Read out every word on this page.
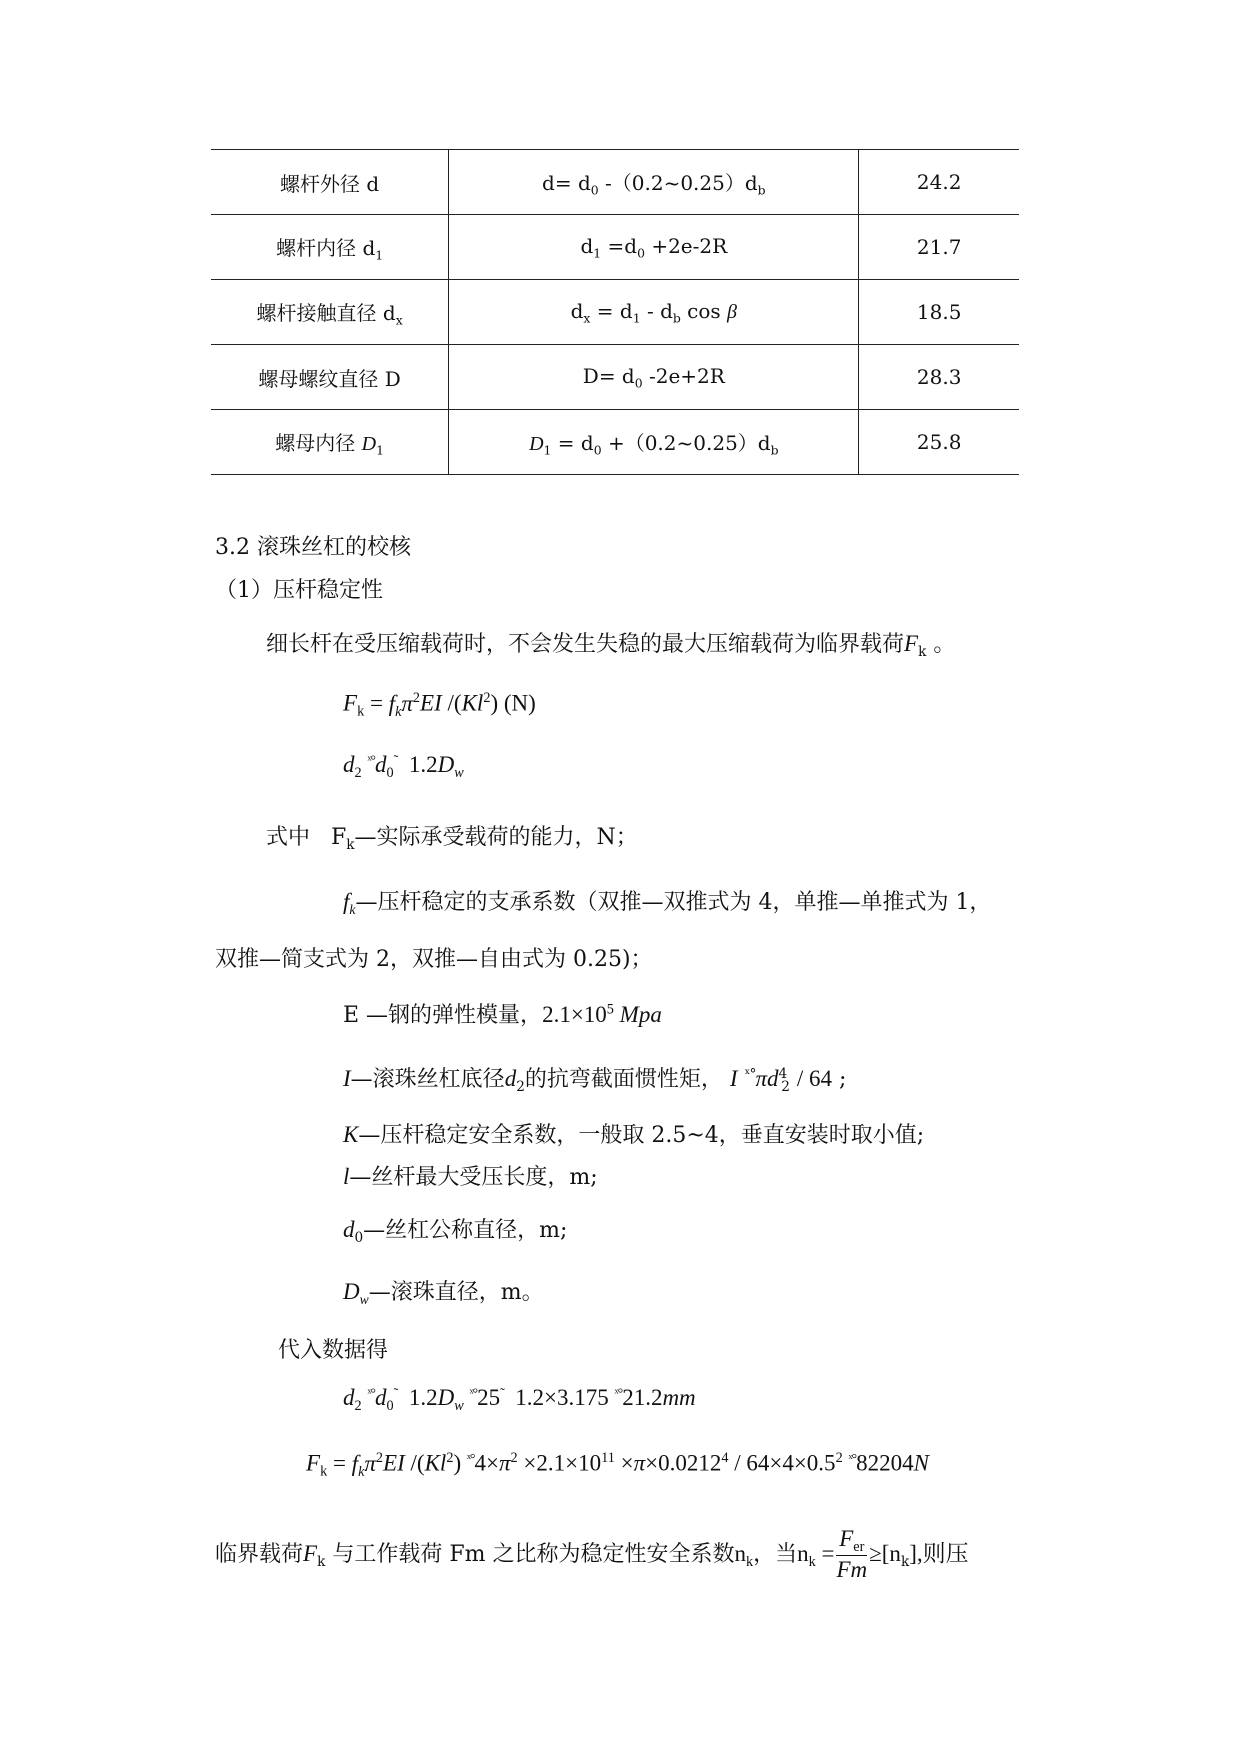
螺杆外径 d	$d= d_0$ $-(0.2\sim 0.25)d_b$	24.2
螺杆内径 $d_1$	$d_1 =d_0 +2e-2R$	21.7
螺杆接触直径 $d_x$	$d_x = d_1 - d_b$ cos β	18.5
螺母螺纹直径 D	$D= d_0$ -2e+2R	28.3
螺母内径 $D_1$	$D_1 = d_0$ $+(0.2\sim 0.25)d_b$	25.8
3.2 滚珠丝杠的校核
（1）压杆稳定性
细长杆在受压缩载荷时，不会发生失稳的最大压缩载荷为临界载荷$F_k$ 。
$F_k = f_k\pi^2EI$ /(Kl$^2$) (N)
$d_2$ $^{ˣ^\circ}d_0^˜$  $1.2D_w$
式中   $F_k—$实际承受载荷的能力，N；
$f_k—$压杆稳定的支承系数（双推—双推式为 4，单推—单推式为 1，
双推—简支式为 2，双推—自由式为 0.25)；
E —钢的弹性模量，$2.1\times 10^5$ Mpa
I—滚珠丝杠底径$d_2$的抗弯截面惯性矩， I $^{ˣ^\circ}\pi d^4_2 / 64$ ;
K—压杆稳定安全系数，一般取 2.5~4，垂直安装时取小值;
l—丝杆最大受压长度，m;
$d_0—$丝杠公称直径，m;
$D_w—$滚珠直径，m。
代入数据得
$d_2$ $^{ˣ^\circ}d_0^˜$  $1.2D_w$ $^{ˣ^\circ}$25˜  1.2×3.175 $^{ˣ^\circ}$21.2mm
$F_k = f_k\pi^2EI$ /(Kl$^2$) $^{ˣ^\circ}4\times\pi^2 \times 2.1\times 10^{11} \times\pi\times 0.0212^4 / 64\times 4\times 0.5^2$ $^{ˣ^\circ}$82204N
临界载荷$F_k$ 与工作载荷 Fm 之比称为稳定性安全系数$n_k$，当$n_k = \frac{F_{er}}{Fm} \ge[n_k]$,则压
